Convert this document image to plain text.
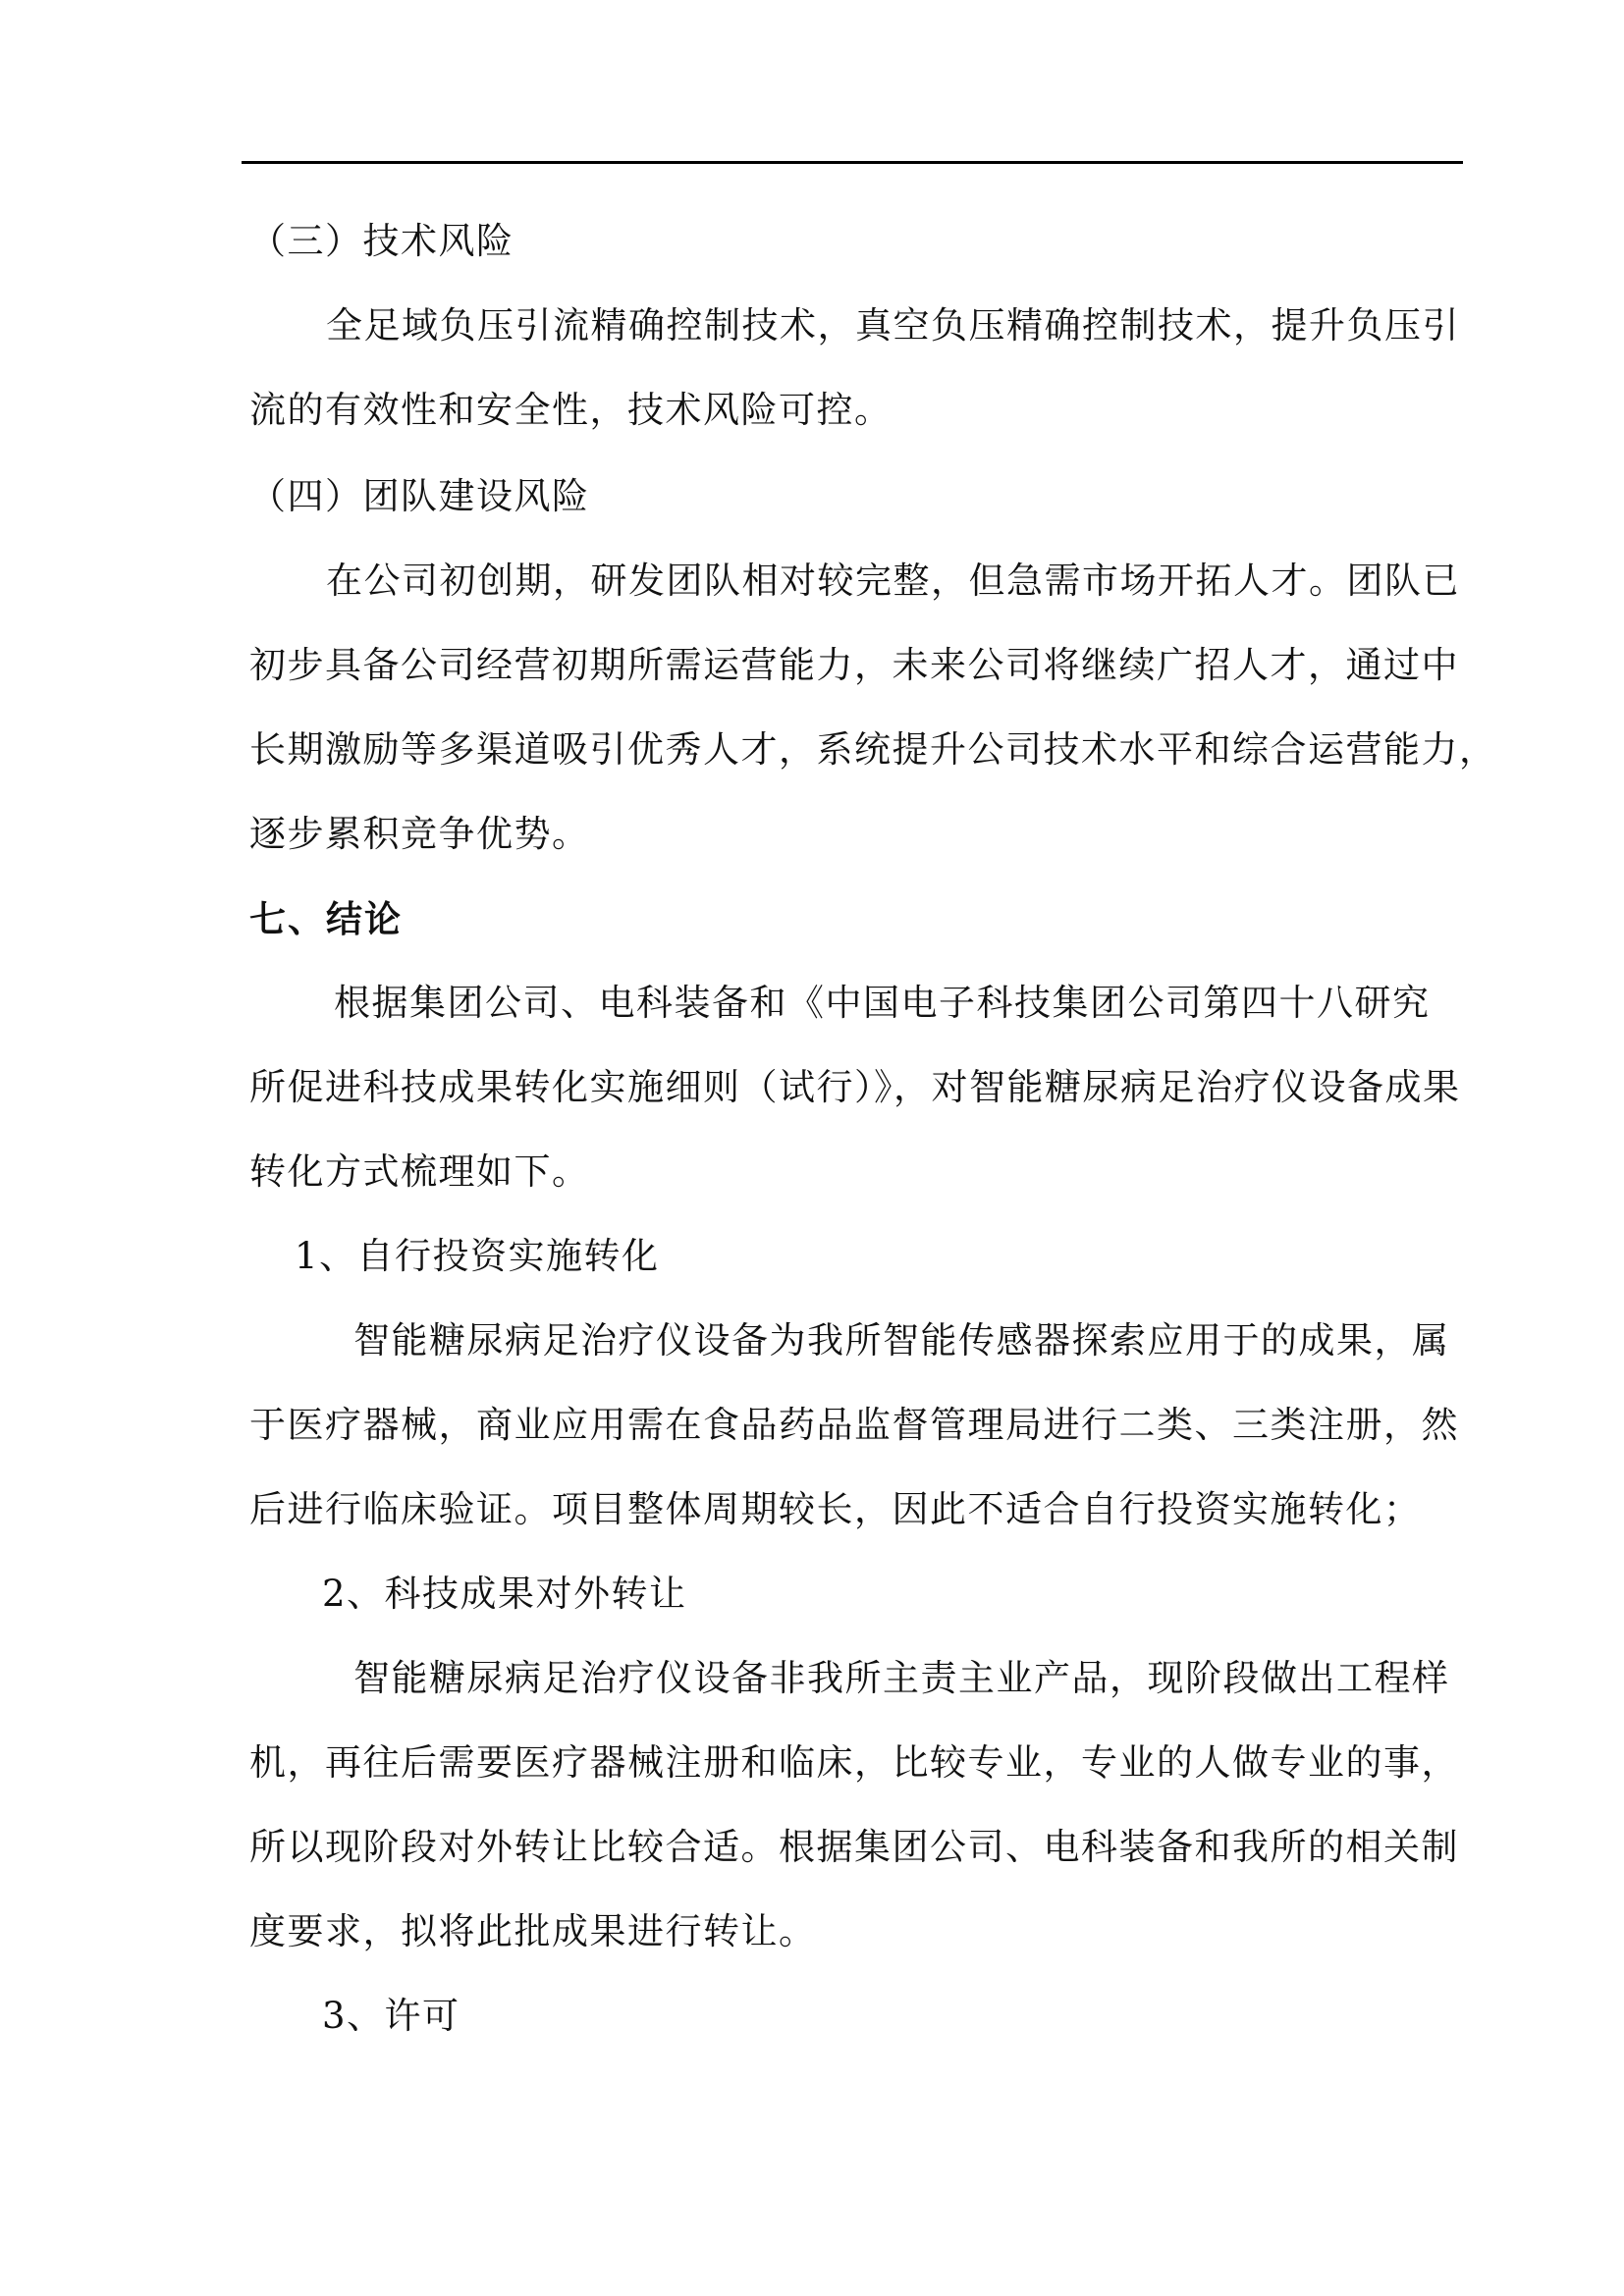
（三）技术风险
全足域负压引流精确控制技术，真空负压精确控制技术，提升负压引
流的有效性和安全性，技术风险可控。
（四）团队建设风险
在公司初创期，研发团队相对较完整，但急需市场开拓人才。团队已
初步具备公司经营初期所需运营能力，未来公司将继续广招人才，通过中
长期激励等多渠道吸引优秀人才，系统提升公司技术水平和综合运营能力，
逐步累积竞争优势。
七、结论
根据集团公司、电科装备和《中国电子科技集团公司第四十八研究
所促进科技成果转化实施细则（试行）》，对智能糖尿病足治疗仪设备成果
转化方式梳理如下。
1、自行投资实施转化
智能糖尿病足治疗仪设备为我所智能传感器探索应用于的成果，属
于医疗器械，商业应用需在食品药品监督管理局进行二类、三类注册，然
后进行临床验证。项目整体周期较长，因此不适合自行投资实施转化；
2、科技成果对外转让
智能糖尿病足治疗仪设备非我所主责主业产品，现阶段做出工程样
机，再往后需要医疗器械注册和临床，比较专业，专业的人做专业的事，
所以现阶段对外转让比较合适。根据集团公司、电科装备和我所的相关制
度要求，拟将此批成果进行转让。
3、许可
